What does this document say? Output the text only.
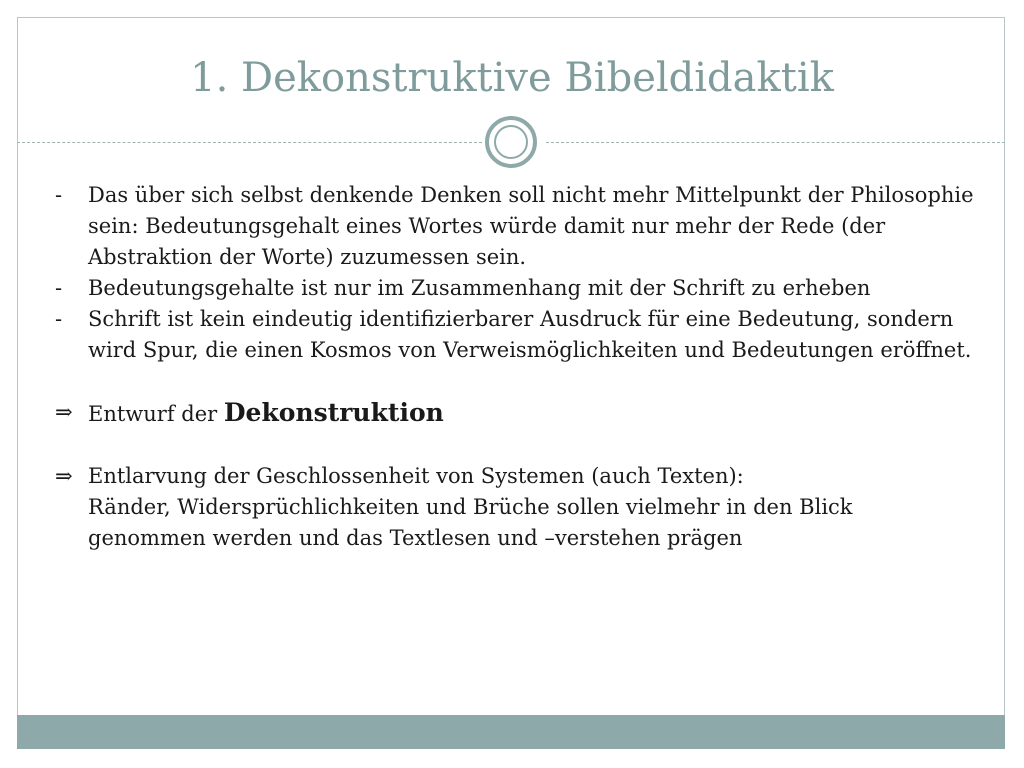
1. Dekonstruktive Bibeldidaktik
- Das über sich selbst denkende Denken soll nicht mehr Mittelpunkt der Philosophie sein: Bedeutungsgehalt eines Wortes würde damit nur mehr der Rede (der Abstraktion der Worte) zuzumessen sein.
- Bedeutungsgehalte ist nur im Zusammenhang mit der Schrift zu erheben
- Schrift ist kein eindeutig identifizierbarer Ausdruck für eine Bedeutung, sondern wird Spur, die einen Kosmos von Verweismöglichkeiten und Bedeutungen eröffnet.
⇒ Entwurf der Dekonstruktion
⇒ Entlarvung der Geschlossenheit von Systemen (auch Texten):
Ränder, Widersprüchlichkeiten und Brüche sollen vielmehr in den Blick genommen werden und das Textlesen und –verstehen prägen
